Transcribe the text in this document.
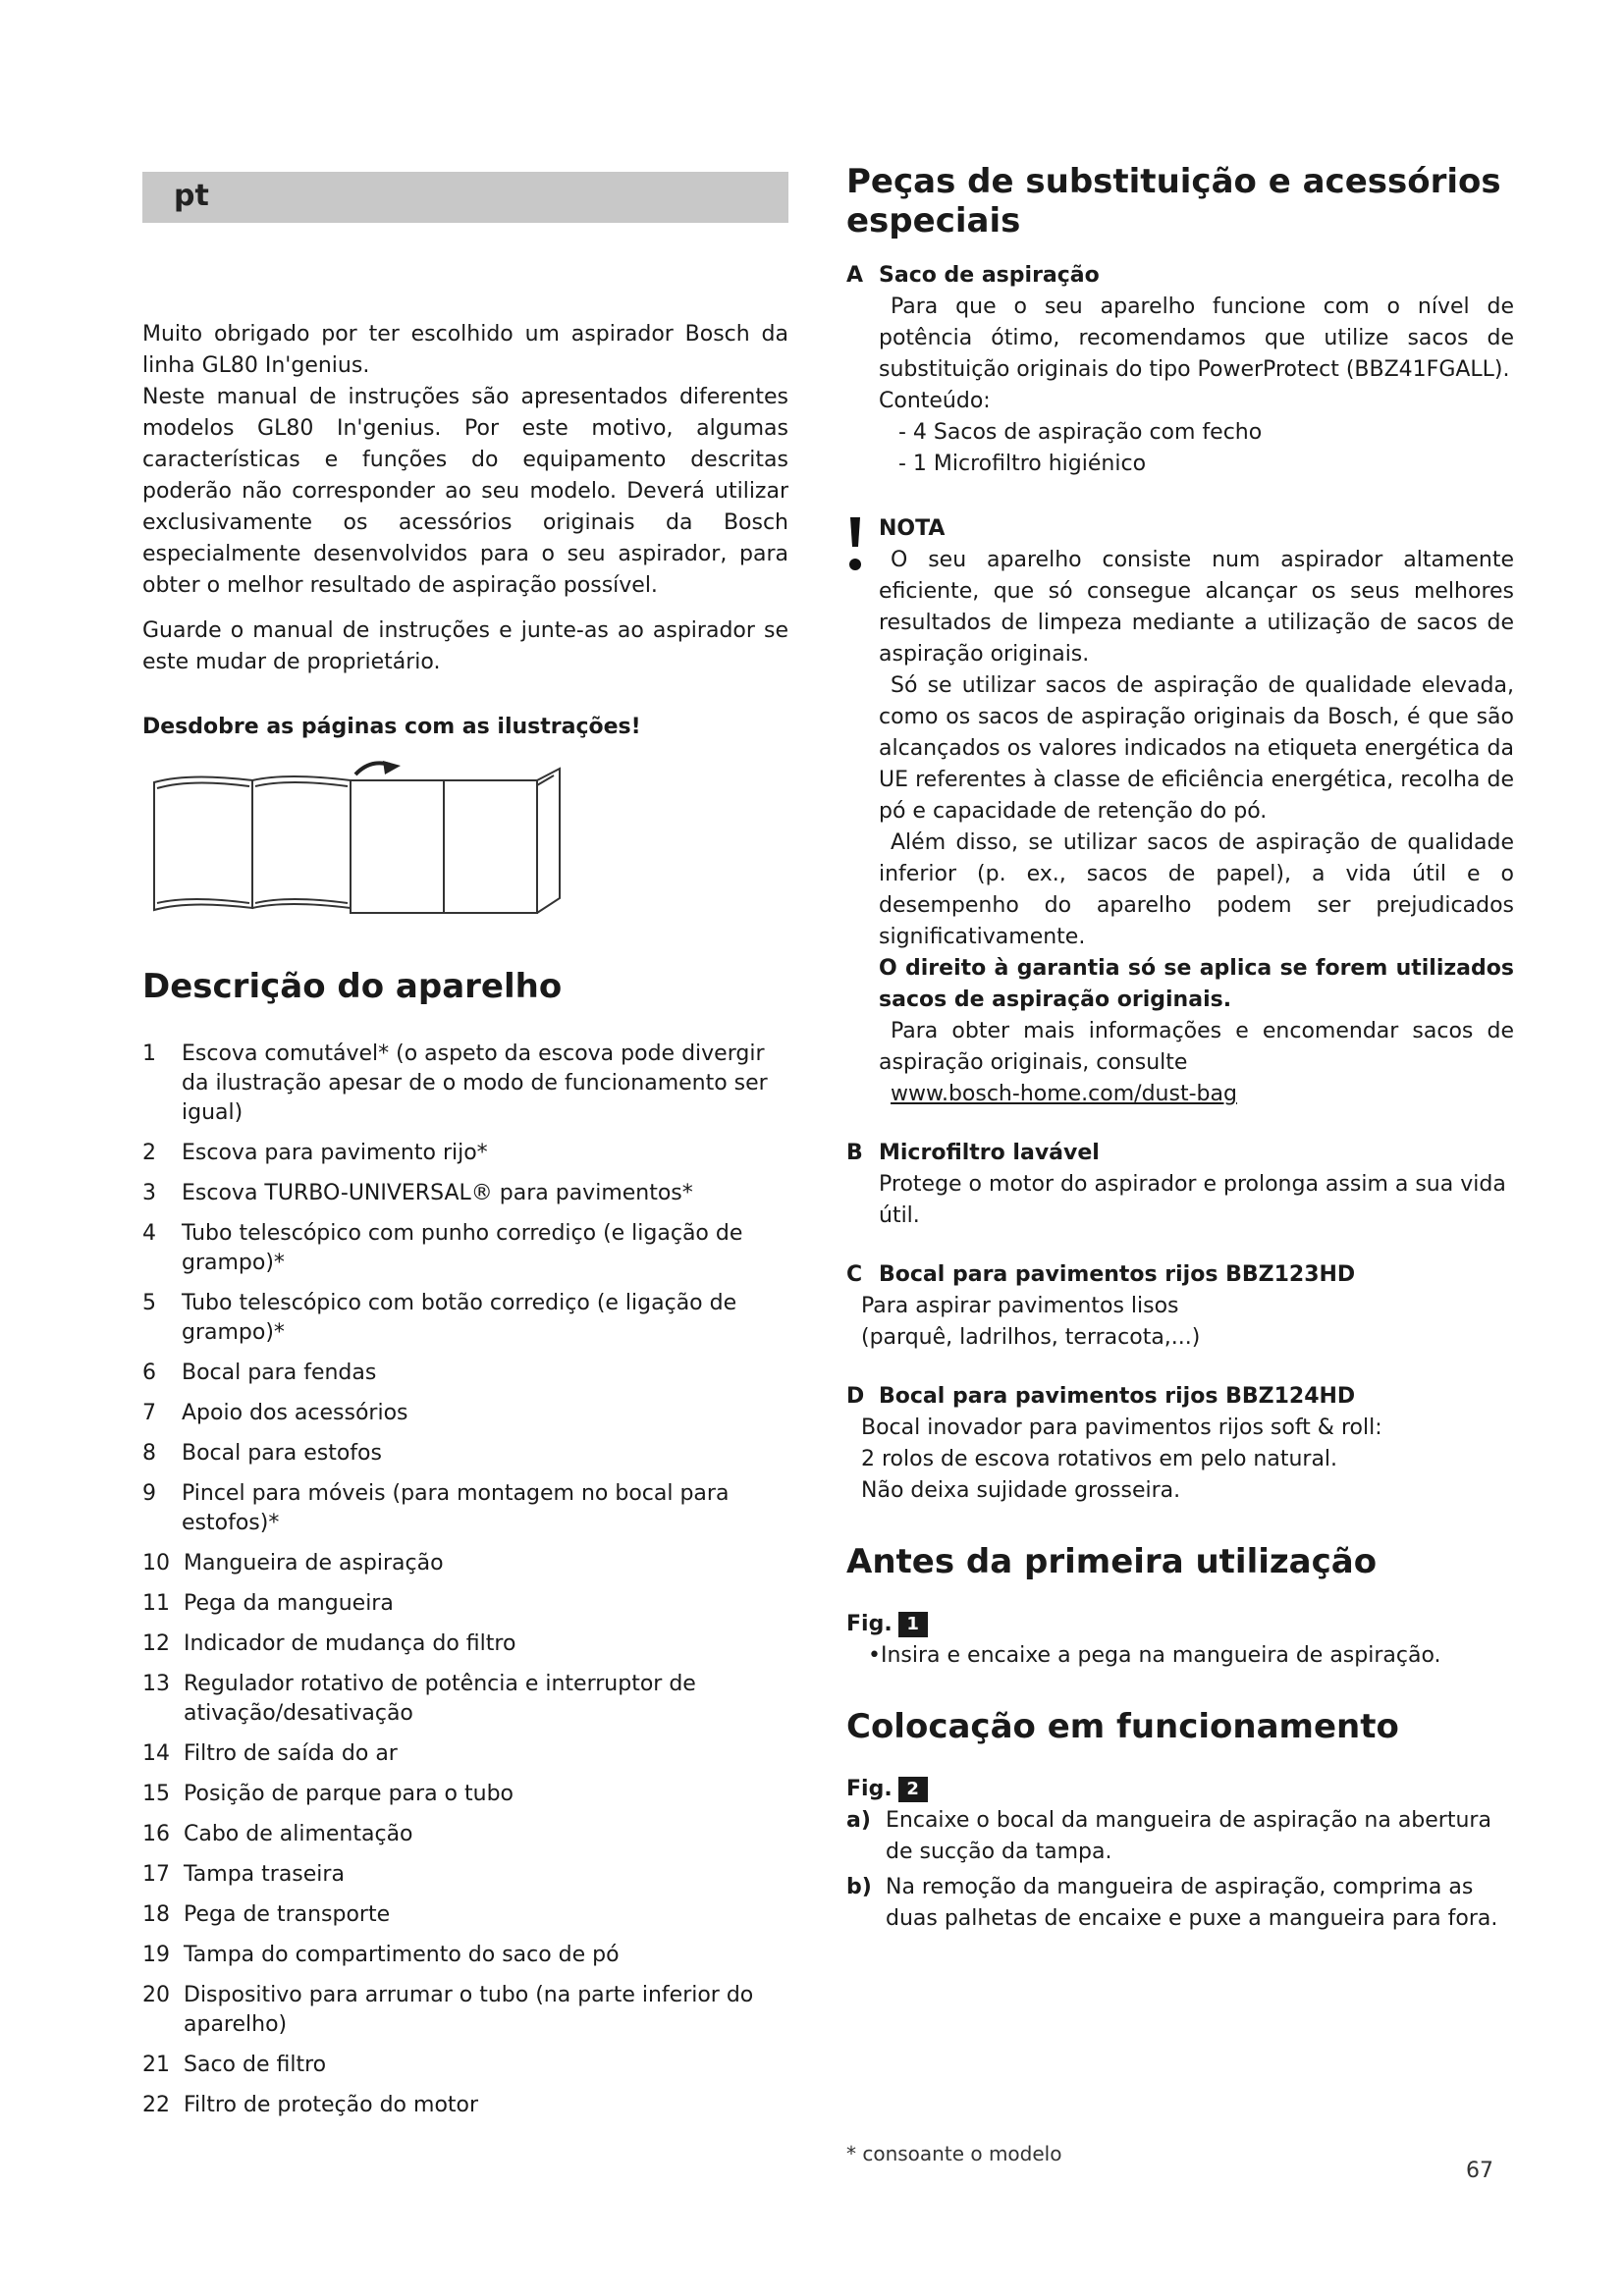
pt

Muito obrigado por ter escolhido um aspirador Bosch da linha GL80 In'genius.

Neste manual de instruções são apresentados diferentes modelos GL80 In'genius. Por este motivo, algumas características e funções do equipamento descritas poderão não corresponder ao seu modelo. Deverá utilizar exclusivamente os acessórios originais da Bosch especialmente desenvolvidos para o seu aspirador, para obter o melhor resultado de aspiração possível.

Guarde o manual de instruções e junte-as ao aspirador se este mudar de proprietário.

Desdobre as páginas com as ilustrações!
Descrição do aparelho
1	Escova comutável* (o aspeto da escova pode divergir da ilustração apesar de o modo de funcionamento ser igual)
2	Escova para pavimento rijo*
3	Escova TURBO-UNIVERSAL® para pavimentos*
4	Tubo telescópico com punho corrediço (e ligação de grampo)*
5	Tubo telescópico com botão corrediço (e ligação de grampo)*
6	Bocal para fendas
7	Apoio dos acessórios
8	Bocal para estofos
9	Pincel para móveis (para montagem no bocal para estofos)*
10 Mangueira de aspiração
11 Pega da mangueira
12 Indicador de mudança do filtro
13 Regulador rotativo de potência e interruptor de ativação/desativação
14 Filtro de saída do ar
15 Posição de parque para o tubo
16 Cabo de alimentação
17 Tampa traseira
18 Pega de transporte
19 Tampa do compartimento do saco de pó
20 Dispositivo para arrumar o tubo (na parte inferior do aparelho)
21 Saco de filtro
22 Filtro de proteção do motor
Peças de substituição e acessórios especiais
A Saco de aspiração

Para que o seu aparelho funcione com o nível de potência ótimo, recomendamos que utilize sacos de substituição originais do tipo PowerProtect (BBZ41FGALL).

Conteúdo:

- 4 Sacos de aspiração com fecho

- 1 Microfiltro higiénico

NOTA

O seu aparelho consiste num aspirador altamente eficiente, que só consegue alcançar os seus melhores resultados de limpeza mediante a utilização de sacos de aspiração originais.

Só se utilizar sacos de aspiração de qualidade elevada, como os sacos de aspiração originais da Bosch, é que são alcançados os valores indicados na etiqueta energética da UE referentes à classe de eficiência energética, recolha de pó e capacidade de retenção do pó.

Além disso, se utilizar sacos de aspiração de qualidade inferior (p. ex., sacos de papel), a vida útil e o desempenho do aparelho podem ser prejudicados significativamente.

O direito à garantia só se aplica se forem utilizados sacos de aspiração originais.

Para obter mais informações e encomendar sacos de aspiração originais, consulte

www.bosch-home.com/dust-bag

B Microfiltro lavável

Protege o motor do aspirador e prolonga assim a sua vida útil.

C Bocal para pavimentos rijos BBZ123HD

Para aspirar pavimentos lisos

(parquê, ladrilhos, terracota,...)

D Bocal para pavimentos rijos BBZ124HD

Bocal inovador para pavimentos rijos soft & roll:

2 rolos de escova rotativos em pelo natural.

Não deixa sujidade grosseira.

Antes da primeira utilização
Fig. 1

•Insira e encaixe a pega na mangueira de aspiração.

Colocação em funcionamento
Fig. 2
a) Encaixe o bocal da mangueira de aspiração na abertura de sucção da tampa.
b) Na remoção da mangueira de aspiração, comprima as duas palhetas de encaixe e puxe a mangueira para fora.
* consoante o modelo
67
